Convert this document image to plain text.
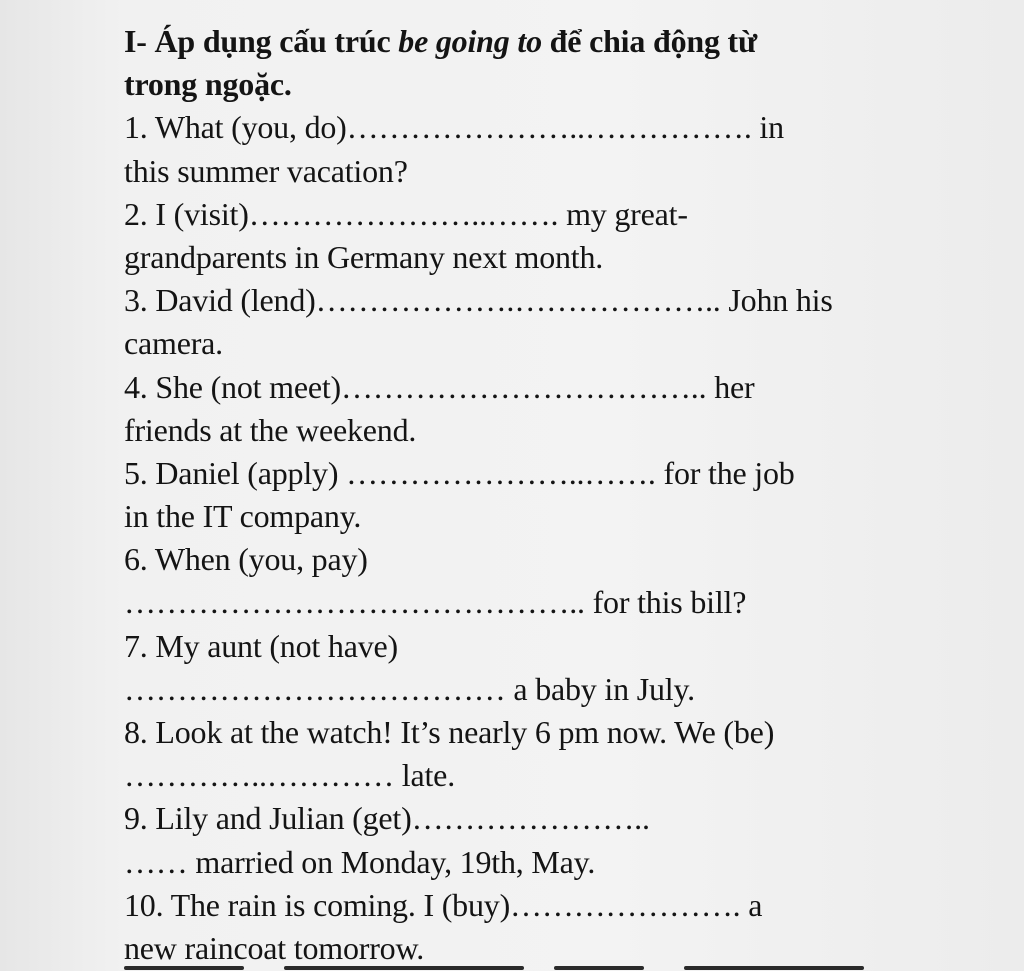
I- Áp dụng cấu trúc be going to để chia động từ
trong ngoặc.
1. What (you, do)…………………..……………. in
this summer vacation?
2. I (visit)…………………..……. my great-
grandparents in Germany next month.
3. David (lend)……………….……………….. John his
camera.
4. She (not meet)…………………………….. her
friends at the weekend.
5. Daniel (apply) …………………..……. for the job
in the IT company.
6. When (you, pay)
…………………………………….. for this bill?
7. My aunt (not have)
……………………………… a baby in July.
8. Look at the watch! It’s nearly 6 pm now. We (be)
…………..………… late.
9. Lily and Julian (get)…………………..
…… married on Monday, 19th, May.
10. The rain is coming. I (buy)…………………. a
new raincoat tomorrow.
